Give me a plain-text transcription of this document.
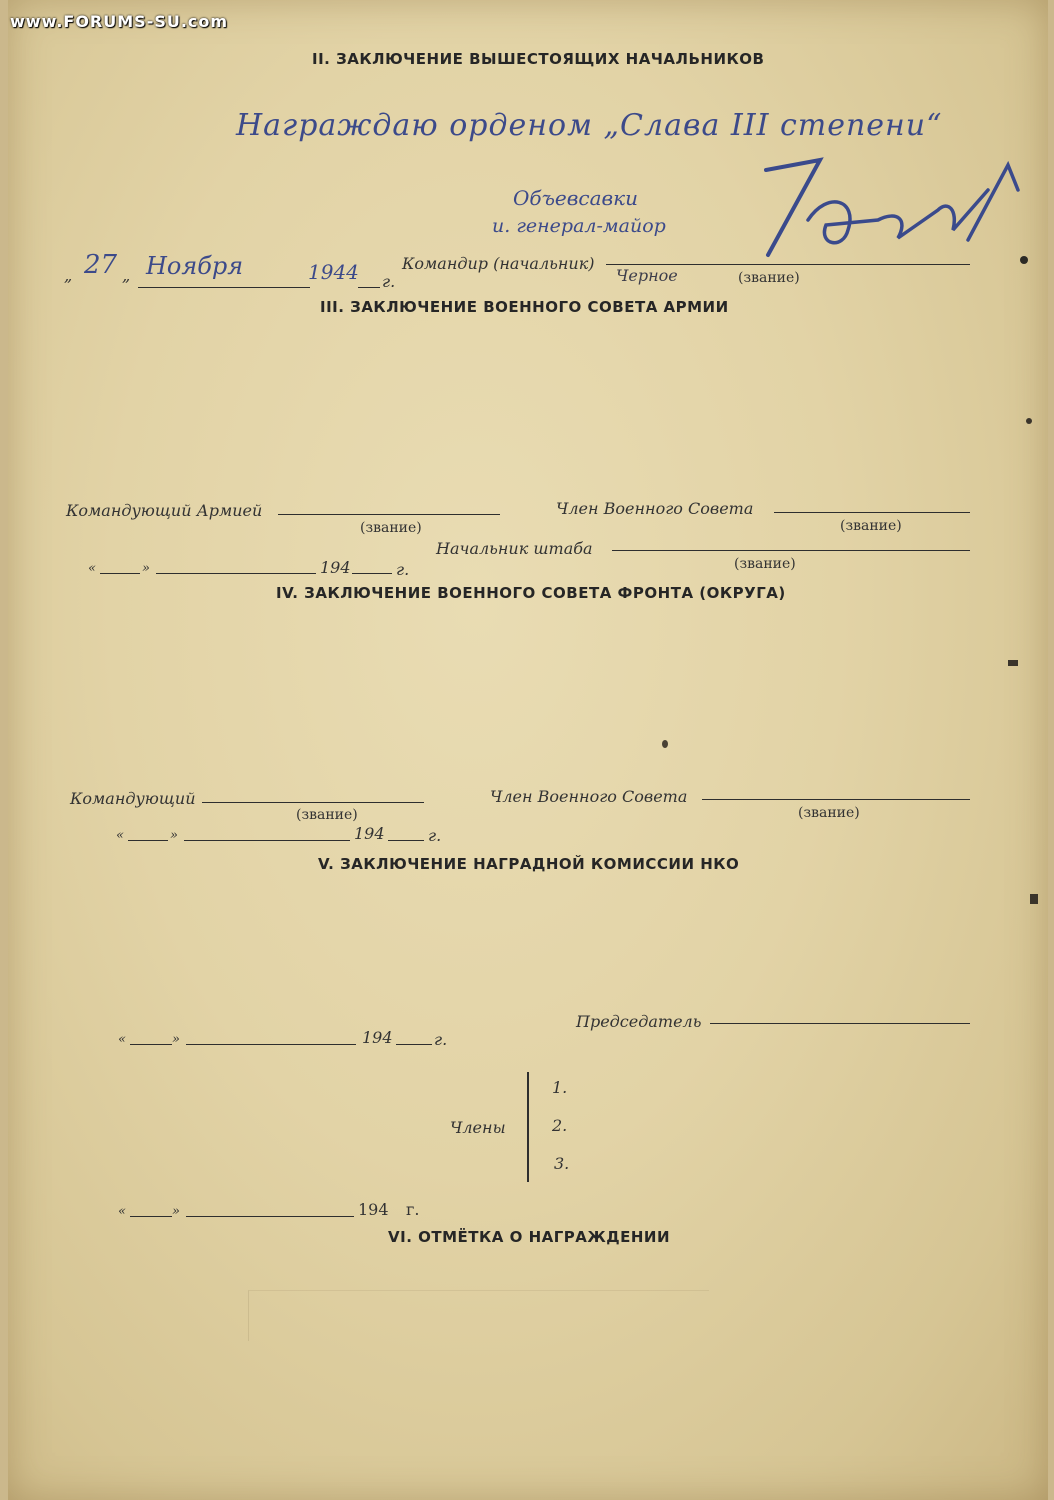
www.FORUMS-SU.com
II. ЗАКЛЮЧЕНИЕ ВЫШЕСТОЯЩИХ НАЧАЛЬНИКОВ
Награждаю орденом „Слава III степени“
Объевсавки
и. генерал-майор
„ 27 „ Ноября	1944 г.
Командир (начальник)
Черное	(звание)
III. ЗАКЛЮЧЕНИЕ ВОЕННОГО СОВЕТА АРМИИ
Командующий Армией
(звание)
Член Военного Совета
(звание)
Начальник штаба
(звание)
«	»	194	г.
IV. ЗАКЛЮЧЕНИЕ ВОЕННОГО СОВЕТА ФРОНТА (ОКРУГА)
Командующий
(звание)
Член Военного Совета
(звание)
«	»	194	г.
V. ЗАКЛЮЧЕНИЕ НАГРАДНОЙ КОМИССИИ НКО
Председатель
«	»	194	г.
Члены
1.
2.
3.
«	»	194 г.
VI. ОТМЁТКА О НАГРАЖДЕНИИ
